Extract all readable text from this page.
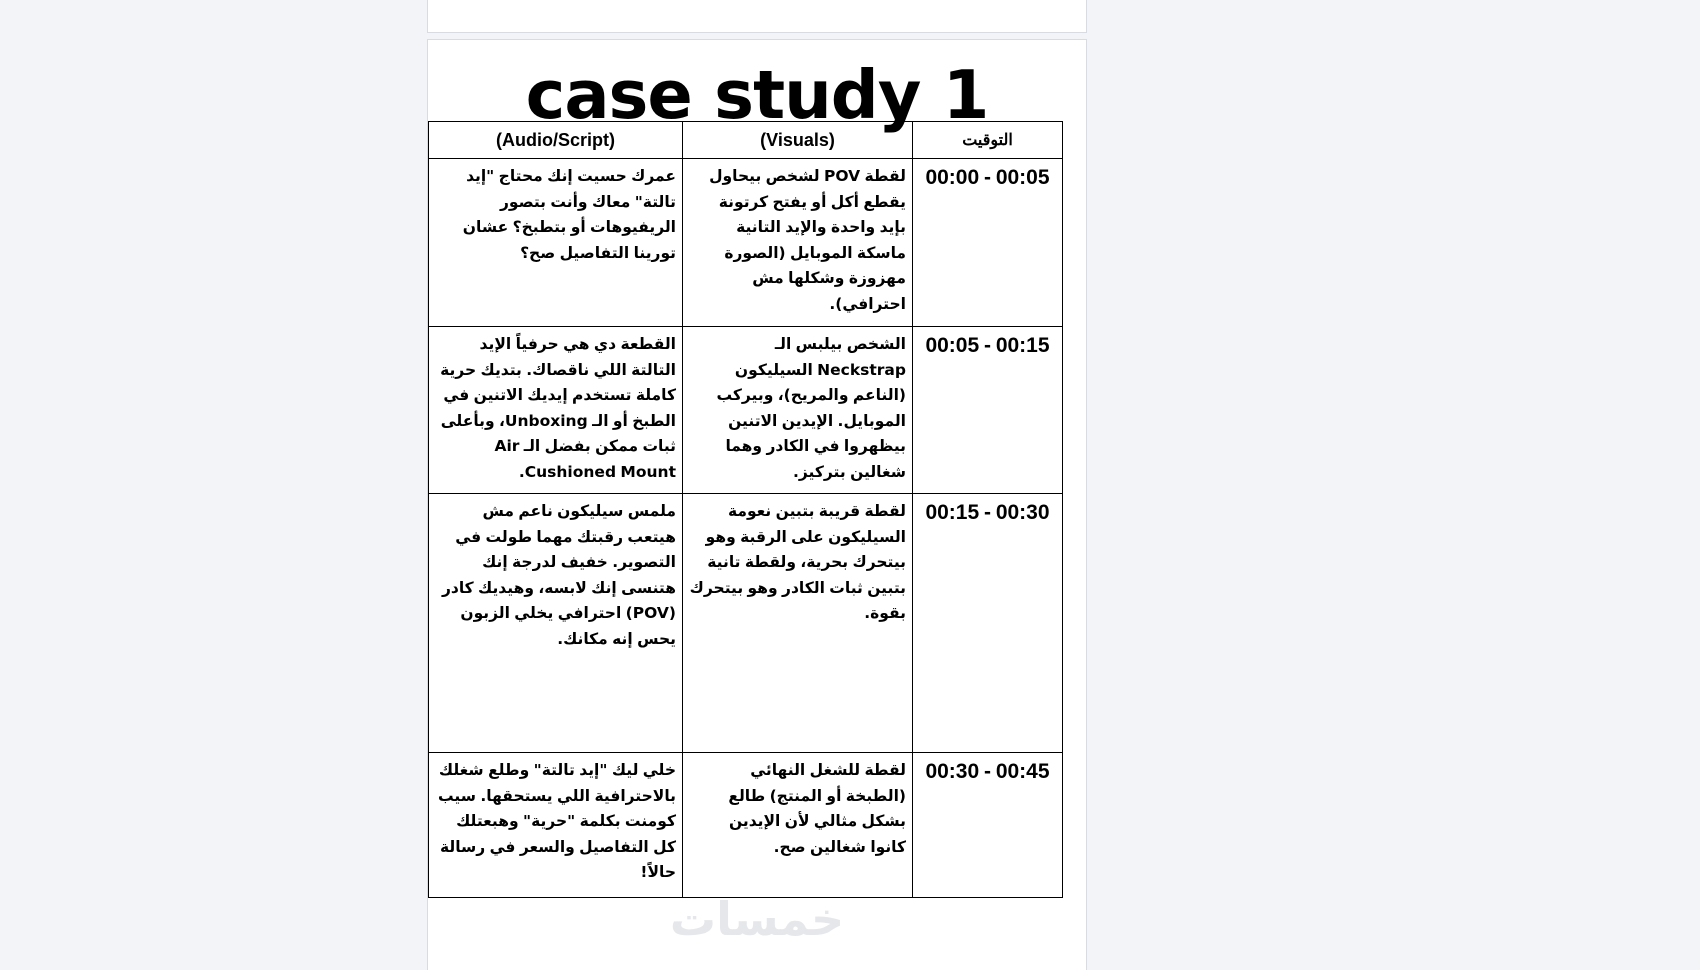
case study 1
التوقيت	(Visuals)	(Audio/Script)
00:00 - 00:05	لقطة POV لشخص بيحاول يقطع أكل أو يفتح كرتونة بإيد واحدة والإيد التانية ماسكة الموبايل (الصورة مهزوزة وشكلها مش احترافي).	عمرك حسيت إنك محتاج "إيد تالتة" معاك وأنت بتصور الريفيوهات أو بتطبخ؟ عشان تورينا التفاصيل صح؟
00:05 - 00:15	الشخص بيلبس الـ Neckstrap السيليكون (الناعم والمريح)، وبيركب الموبايل. الإيدين الاتنين بيظهروا في الكادر وهما شغالين بتركيز.	القطعة دي هي حرفياً الإيد التالتة اللي ناقصاك. بتديك حرية كاملة تستخدم إيديك الاتنين في الطبخ أو الـ Unboxing، وبأعلى ثبات ممكن بفضل الـ Air Cushioned Mount.
00:15 - 00:30	لقطة قريبة بتبين نعومة السيليكون على الرقبة وهو بيتحرك بحرية، ولقطة تانية بتبين ثبات الكادر وهو بيتحرك بقوة.	ملمس سيليكون ناعم مش هيتعب رقبتك مهما طولت في التصوير. خفيف لدرجة إنك هتنسى إنك لابسه، وهيديك كادر (POV) احترافي يخلي الزبون يحس إنه مكانك.
00:30 - 00:45	لقطة للشغل النهائي (الطبخة أو المنتج) طالع بشكل مثالي لأن الإيدين كانوا شغالين صح.	خلي ليك "إيد تالتة" وطلع شغلك بالاحترافية اللي يستحقها. سيب كومنت بكلمة "حرية" وهبعتلك كل التفاصيل والسعر في رسالة حالاً!
خمسات
